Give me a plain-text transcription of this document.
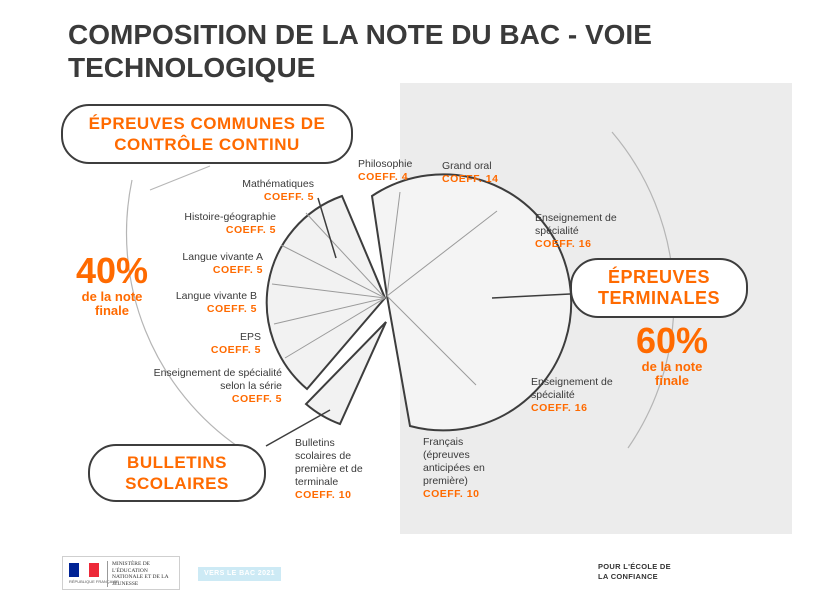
COMPOSITION DE LA NOTE DU BAC - VOIE TECHNOLOGIQUE
ÉPREUVES COMMUNES DE CONTRÔLE CONTINU
BULLETINS SCOLAIRES
ÉPREUVES TERMINALES
40%
de la note finale
60%
de la note finale
Mathématiques
COEFF. 5
Histoire-géographie
COEFF. 5
Langue vivante A
COEFF. 5
Langue vivante B
COEFF. 5
EPS
COEFF. 5
Enseignement de spécialité selon la série
COEFF. 5
Bulletins scolaires de première et de terminale
COEFF. 10
Philosophie
COEFF. 4
Grand oral
COEFF. 14
Enseignement de spécialité
COEFF. 16
Enseignement de spécialité
COEFF. 16
Français (épreuves anticipées en première)
COEFF. 10
RÉPUBLIQUE FRANÇAISE
MINISTÈRE DE L'ÉDUCATION NATIONALE ET DE LA JEUNESSE
VERS LE BAC 2021
POUR L'ÉCOLE DE LA CONFIANCE
